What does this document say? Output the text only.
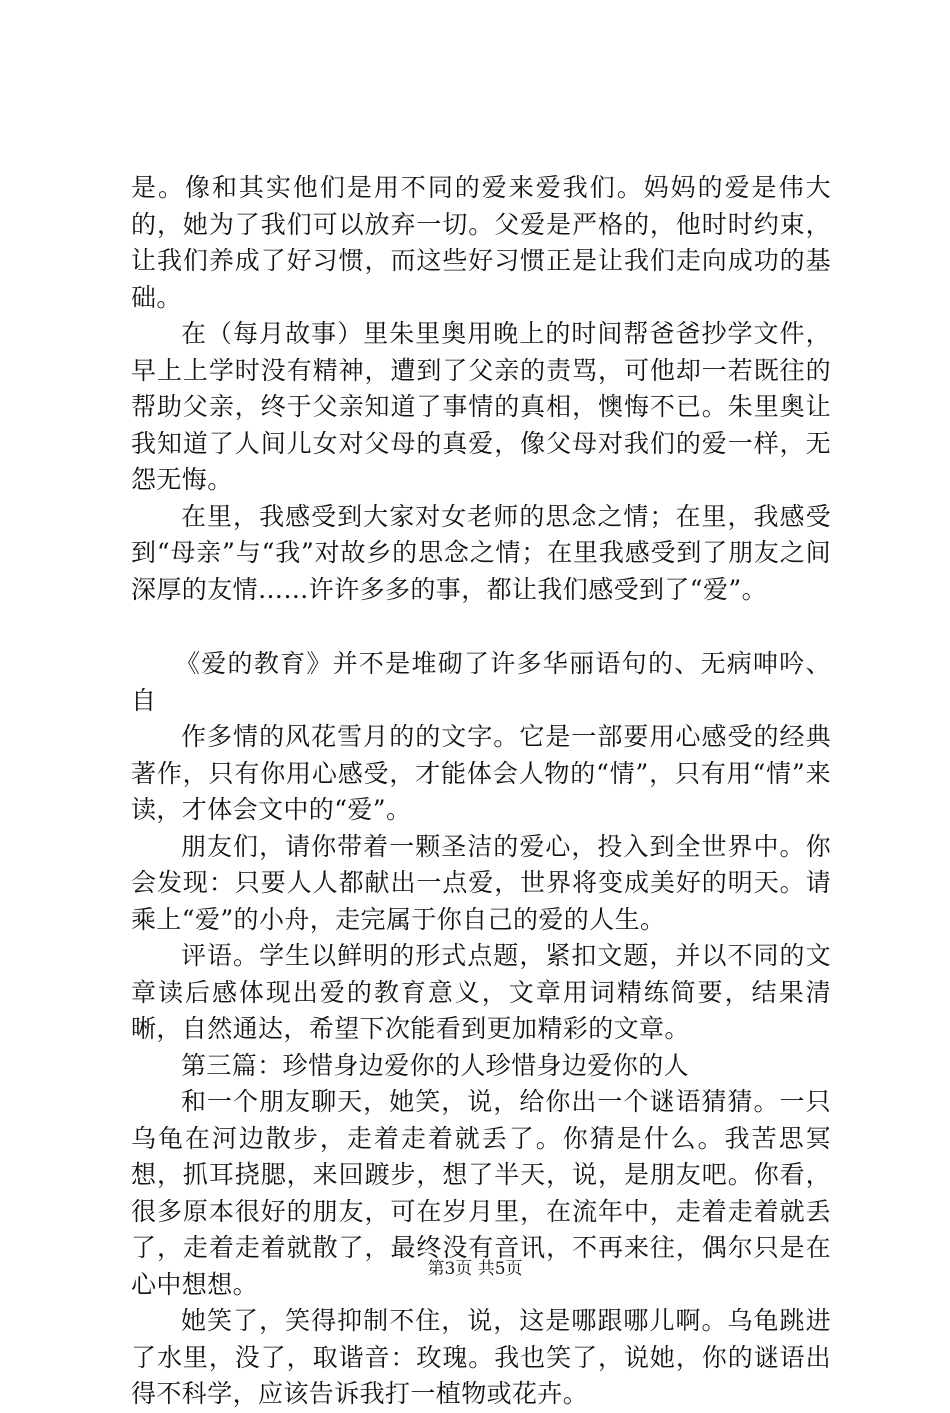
是。像和其实他们是用不同的爱来爱我们。妈妈的爱是伟大的，她为了我们可以放弃一切。父爱是严格的，他时时约束，让我们养成了好习惯，而这些好习惯正是让我们走向成功的基础。

在（每月故事）里朱里奥用晚上的时间帮爸爸抄学文件，早上上学时没有精神，遭到了父亲的责骂，可他却一若既往的帮助父亲，终于父亲知道了事情的真相，懊悔不已。朱里奥让我知道了人间儿女对父母的真爱，像父母对我们的爱一样，无怨无悔。

在里，我感受到大家对女老师的思念之情；在里，我感受到“母亲”与“我”对故乡的思念之情；在里我感受到了朋友之间深厚的友情……许许多多的事，都让我们感受到了“爱”。

《爱的教育》并不是堆砌了许多华丽语句的、无病呻吟、自

作多情的风花雪月的的文字。它是一部要用心感受的经典著作，只有你用心感受，才能体会人物的“情”，只有用“情”来读，才体会文中的“爱”。

朋友们，请你带着一颗圣洁的爱心，投入到全世界中。你会发现：只要人人都献出一点爱，世界将变成美好的明天。请乘上“爱”的小舟，走完属于你自己的爱的人生。

评语。学生以鲜明的形式点题，紧扣文题，并以不同的文章读后感体现出爱的教育意义，文章用词精练简要，结果清晰，自然通达，希望下次能看到更加精彩的文章。

第三篇：珍惜身边爱你的人珍惜身边爱你的人

和一个朋友聊天，她笑，说，给你出一个谜语猜猜。一只乌龟在河边散步，走着走着就丢了。你猜是什么。我苦思冥想，抓耳挠腮，来回踱步，想了半天，说，是朋友吧。你看，很多原本很好的朋友，可在岁月里，在流年中，走着走着就丢了，走着走着就散了，最终没有音讯，不再来往，偶尔只是在心中想想。

她笑了，笑得抑制不住，说，这是哪跟哪儿啊。乌龟跳进了水里，没了，取谐音：玫瑰。我也笑了，说她，你的谜语出得不科学，应该告诉我打一植物或花卉。

第3页 共5页
